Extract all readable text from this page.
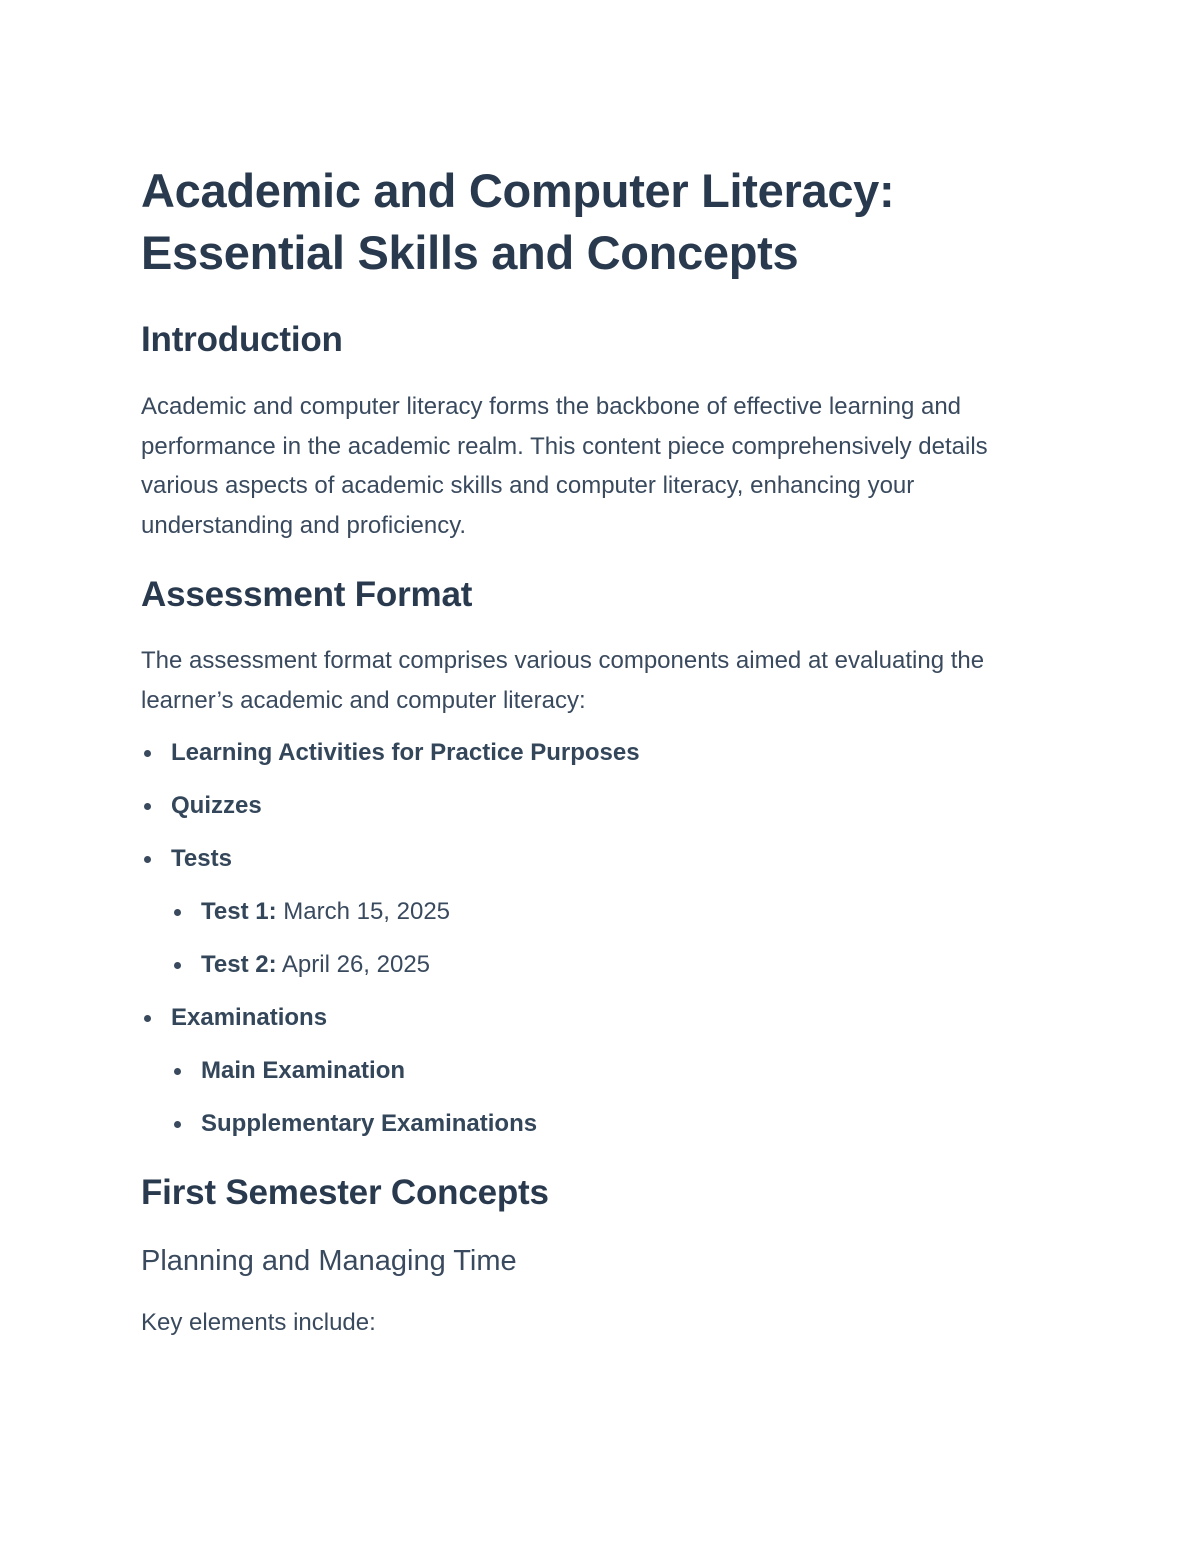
Academic and Computer Literacy:
Essential Skills and Concepts
Introduction

Academic and computer literacy forms the backbone of effective learning and performance in the academic realm. This content piece comprehensively details various aspects of academic skills and computer literacy, enhancing your understanding and proficiency.

Assessment Format

The assessment format comprises various components aimed at evaluating the learner’s academic and computer literacy:

Learning Activities for Practice Purposes
Quizzes
Tests
Test 1: March 15, 2025
Test 2: April 26, 2025
Examinations
Main Examination
Supplementary Examinations
First Semester Concepts
Planning and Managing Time

Key elements include:
